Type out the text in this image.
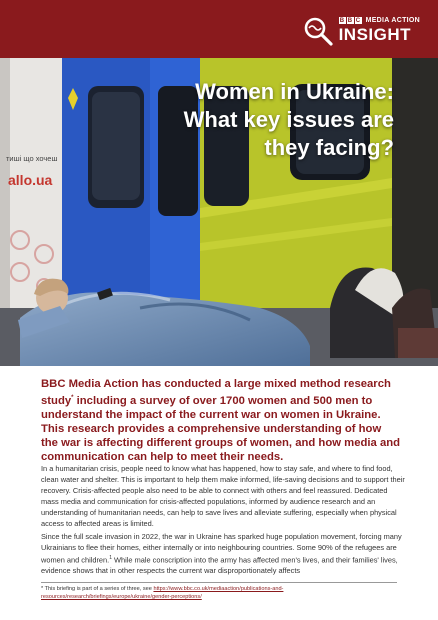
B B C MEDIA ACTION
INSIGHT
тиші що хочеш
allo.ua
Women in Ukraine:
What key issues are
they facing?
BBC Media Action has conducted a large mixed method research study* including a survey of over 1700 women and 500 men to understand the impact of the current war on women in Ukraine. This research provides a comprehensive understanding of how the war is affecting different groups of women, and how media and communication can help to meet their needs.
In a humanitarian crisis, people need to know what has happened, how to stay safe, and where to find food, clean water and shelter. This is important to help them make informed, life-saving decisions and to support their recovery. Crisis-affected people also need to be able to connect with others and feel reassured. Dedicated mass media and communication for crisis-affected populations, informed by audience research and an understanding of humanitarian needs, can help to save lives and alleviate suffering, especially when physical access to affected areas is limited.
Since the full scale invasion in 2022, the war in Ukraine has sparked huge population movement, forcing many Ukrainians to flee their homes, either internally or into neighbouring countries. Some 90% of the refugees are women and children.$^1$ While male conscription into the army has affected men's lives, and their families' lives, evidence shows that in other respects the current war disproportionately affects
* This briefing is part of a series of three, see https://www.bbc.co.uk/mediaaction/publications-and-resources/research/briefings/europe/ukraine/gender-perceptions/
